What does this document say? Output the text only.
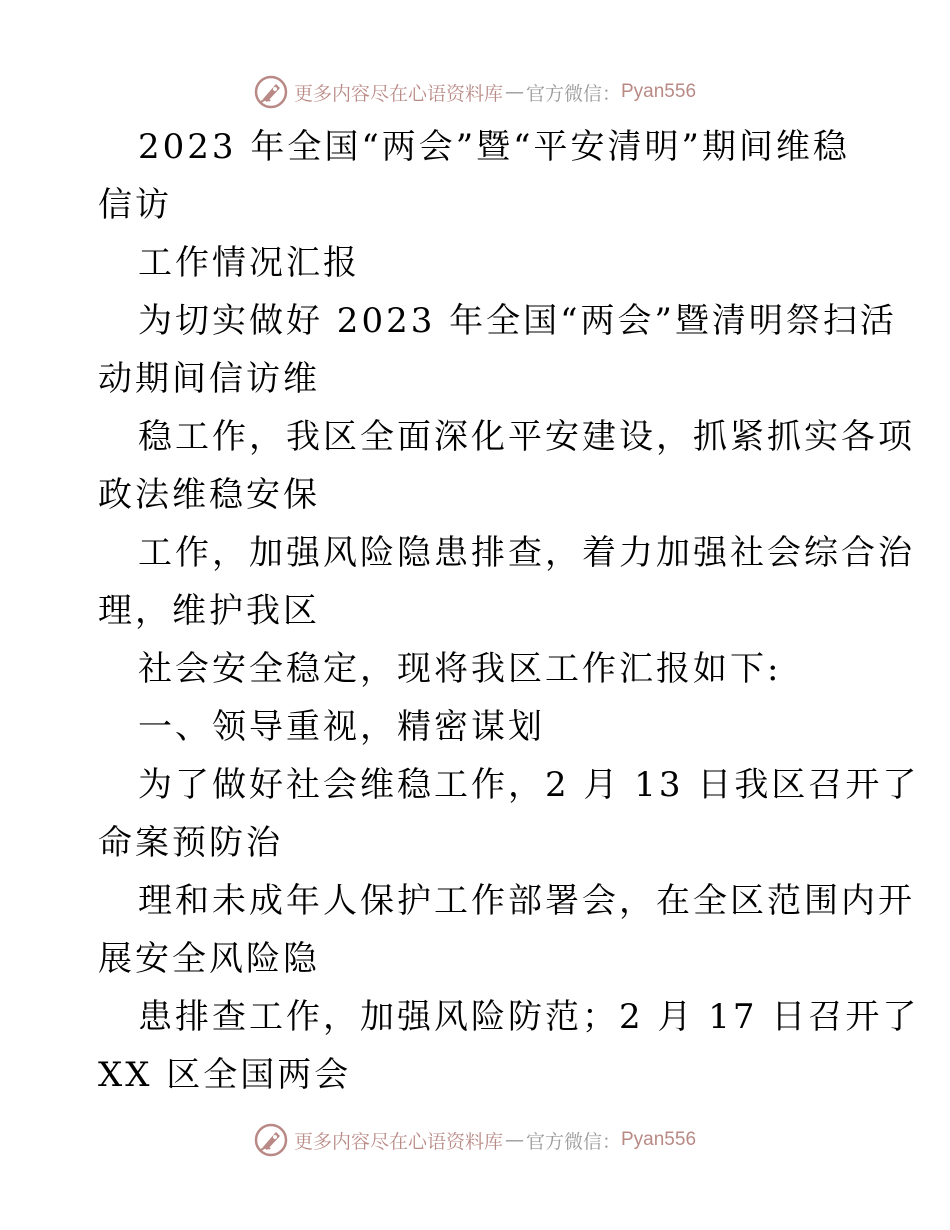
更多内容尽在心语资料库 — 官方微信： Pyan556
2023 年全国“两会”暨“平安清明”期间维稳
信访
工作情况汇报
为切实做好 2023 年全国“两会”暨清明祭扫活
动期间信访维
稳工作，我区全面深化平安建设，抓紧抓实各项
政法维稳安保
工作，加强风险隐患排查，着力加强社会综合治
理，维护我区
社会安全稳定，现将我区工作汇报如下:
一、领导重视，精密谋划
为了做好社会维稳工作，2 月 13 日我区召开了
命案预防治
理和未成年人保护工作部署会，在全区范围内开
展安全风险隐
患排查工作，加强风险防范；2 月 17 日召开了
XX 区全国两会
更多内容尽在心语资料库 — 官方微信： Pyan556
